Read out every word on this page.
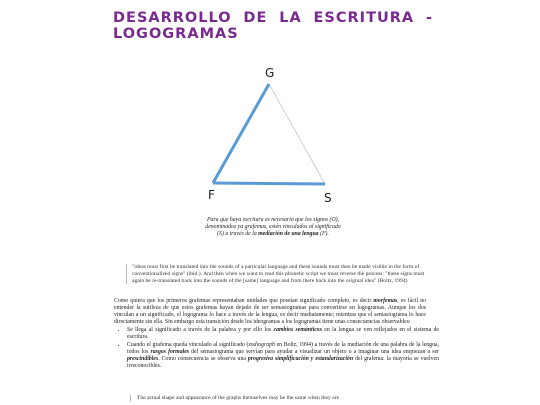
DESARROLLO DE LA ESCRITURA -
LOGOGRAMAS
G
F	S
Para que haya escritura es necesario que los signos (O), denominados ya grafemas, estén vinculados al significado (S) a través de la mediación de una lengua (F).
"ideas must first be translated into the sounds of a particular language and these sounds must then be made visible in the form of conventionalized signs" (ibid.). And then when we want to read this phonetic script we must reverse the process: "these signs must again be re-translated back into the sounds of the [same] language and from there back into the original idea" (Boltz, 1994)
Como quiera que los primeros grafemas representaban unidades que poseían significado completo, es decir morfemas, es fácil no entender la sutileza de que estos grafemas hayan dejado de ser semasiogramas para convertirse en logogramas. Aunque los dos vinculan a un significado, el logograma lo hace a través de la lengua, es decir mediatamente; mientras que el semasiograma lo hace directamente sin ella. Sin embargo esta transición desde los ideogramas a los logogramas tiene unas consecuencias observables:
• Se llega al significado a través de la palabra y por ello los cambios semánticos en la lengua se ven reflejados en el sistema de escritura.
• Cuando el grafema queda vinculado al significado (zodiograph en Boltz, 1994) a través de la mediación de una palabra de la lengua, todos los rasgos formales del semasiograma que servían para ayudar a visualizar un objeto o a imaginar una idea empiezan a ser prescindibles. Como consecuencia se observa una progresiva simplificación y estandarización del grafema: la mayoría se vuelven irreconocibles.
The actual shape and appearance of the graphs themselves may be the same when they are
